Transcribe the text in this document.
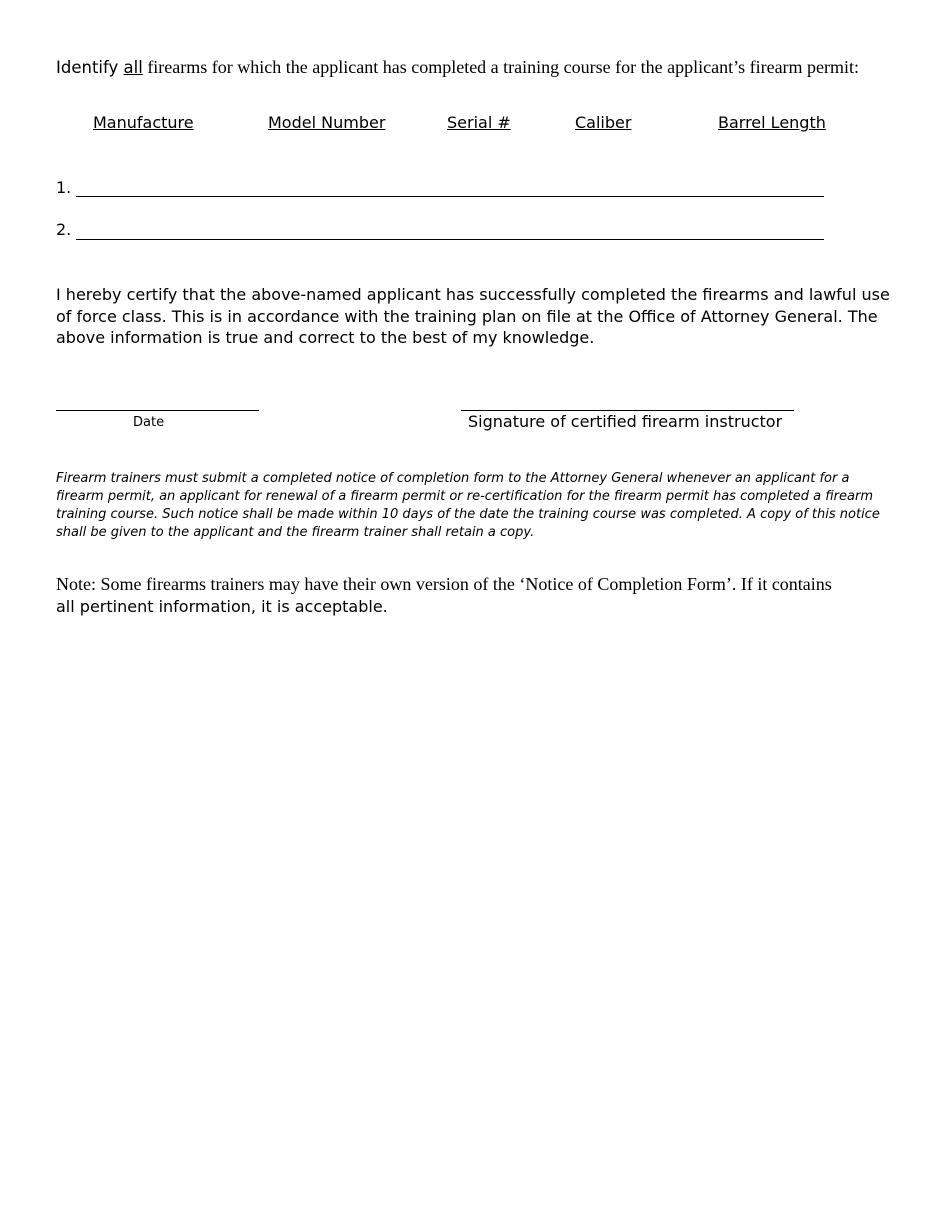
Identify all firearms for which the applicant has completed a training course for the applicant’s firearm permit:
Manufacture	Model Number	Serial #	Caliber	Barrel Length
1.
2.
I hereby certify that the above-named applicant has successfully completed the firearms and lawful use of force class. This is in accordance with the training plan on file at the Office of Attorney General. The above information is true and correct to the best of my knowledge.
Date	Signature of certified firearm instructor
Firearm trainers must submit a completed notice of completion form to the Attorney General whenever an applicant for a firearm permit, an applicant for renewal of a firearm permit or re-certification for the firearm permit has completed a firearm training course. Such notice shall be made within 10 days of the date the training course was completed. A copy of this notice shall be given to the applicant and the firearm trainer shall retain a copy.
Note: Some firearms trainers may have their own version of the ‘Notice of Completion Form’. If it contains
all pertinent information, it is acceptable.
